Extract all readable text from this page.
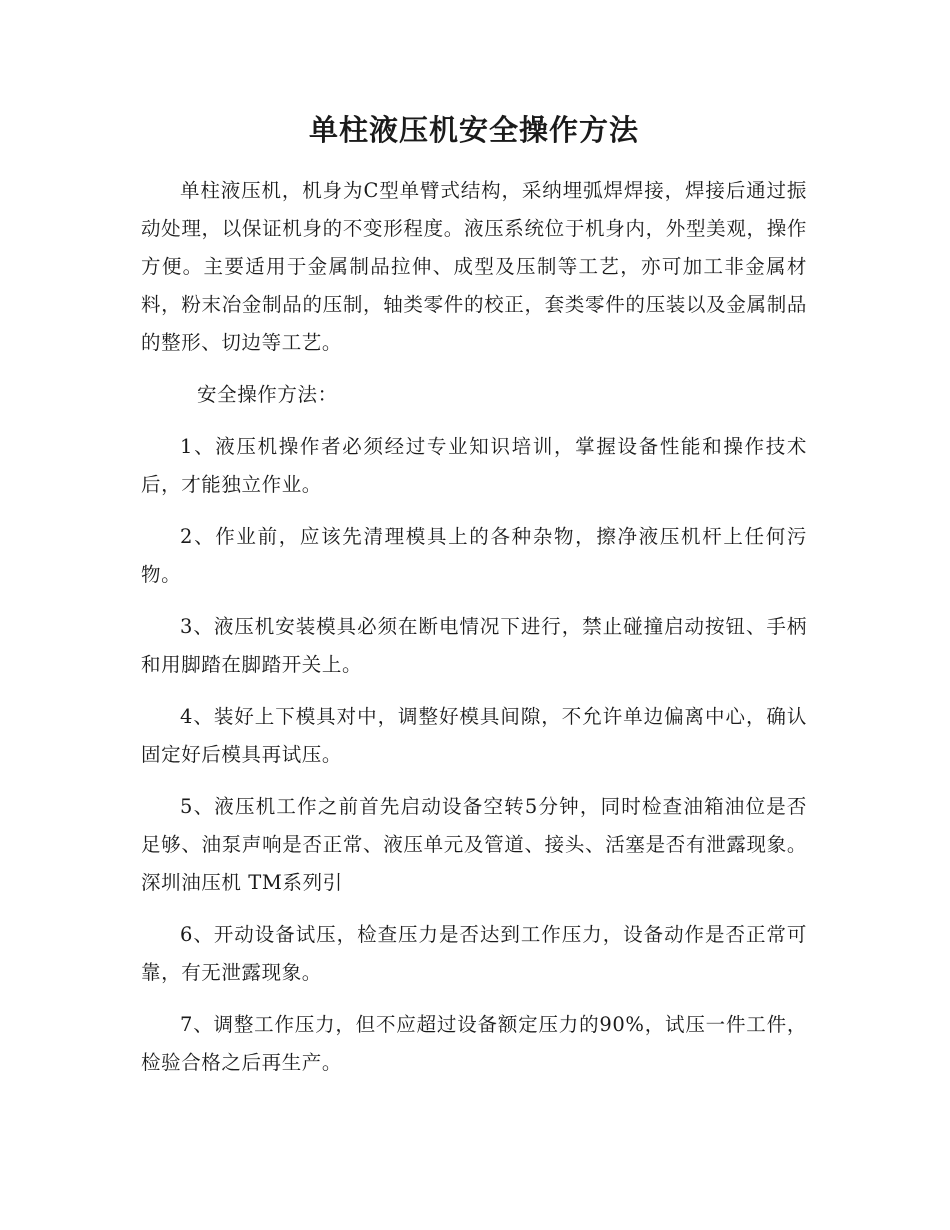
单柱液压机安全操作方法

单柱液压机，机身为C型单臂式结构，采纳埋弧焊焊接，焊接后通过振动处理，以保证机身的不变形程度。液压系统位于机身内，外型美观，操作方便。主要适用于金属制品拉伸、成型及压制等工艺，亦可加工非金属材料，粉末冶金制品的压制，轴类零件的校正，套类零件的压装以及金属制品的整形、切边等工艺。

安全操作方法：

1、液压机操作者必须经过专业知识培训，掌握设备性能和操作技术后，才能独立作业。

2、作业前，应该先清理模具上的各种杂物，擦净液压机杆上任何污物。

3、液压机安装模具必须在断电情况下进行，禁止碰撞启动按钮、手柄和用脚踏在脚踏开关上。

4、装好上下模具对中，调整好模具间隙，不允许单边偏离中心，确认固定好后模具再试压。

5、液压机工作之前首先启动设备空转5分钟，同时检查油箱油位是否足够、油泵声响是否正常、液压单元及管道、接头、活塞是否有泄露现象。深圳油压机 TM系列引

6、开动设备试压，检查压力是否达到工作压力，设备动作是否正常可靠，有无泄露现象。

7、调整工作压力，但不应超过设备额定压力的90%，试压一件工件，检验合格之后再生产。
